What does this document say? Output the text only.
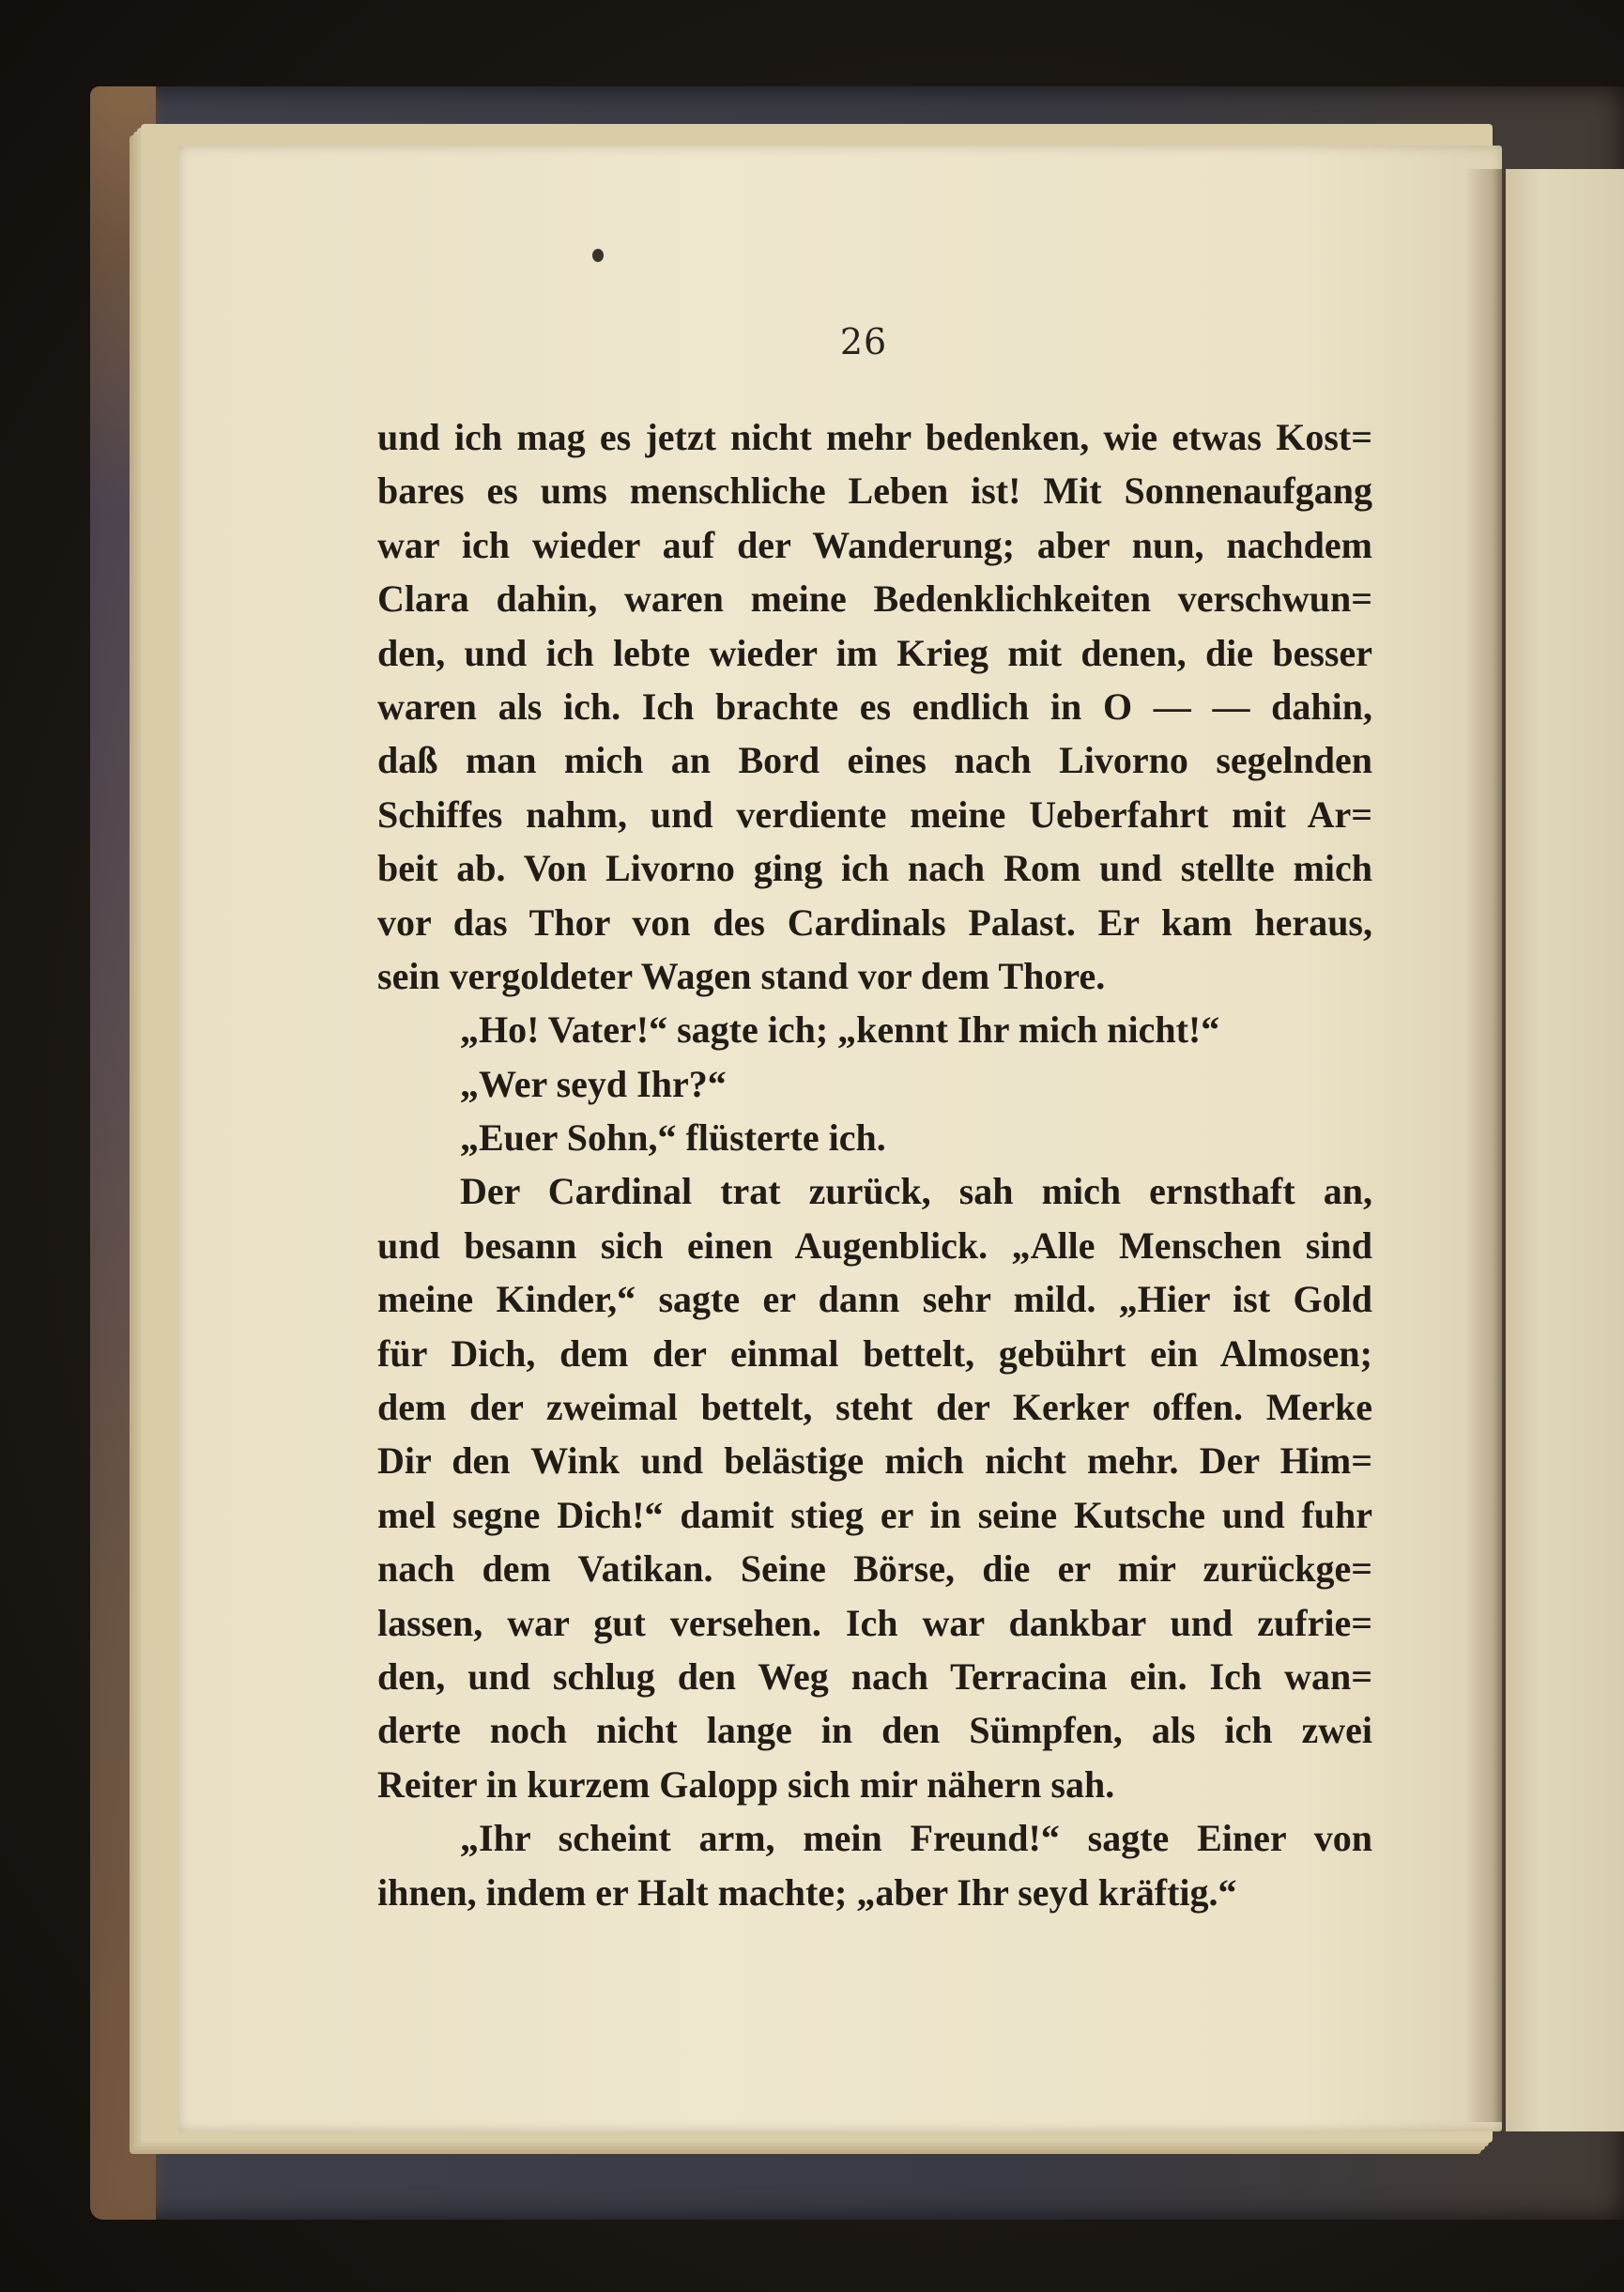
26
und ich mag es jetzt nicht mehr bedenken, wie etwas Kost=
bares es ums menschliche Leben ist! Mit Sonnenaufgang
war ich wieder auf der Wanderung; aber nun, nachdem
Clara dahin, waren meine Bedenklichkeiten verschwun=
den, und ich lebte wieder im Krieg mit denen, die besser
waren als ich. Ich brachte es endlich in O — — dahin,
daß man mich an Bord eines nach Livorno segelnden
Schiffes nahm, und verdiente meine Ueberfahrt mit Ar=
beit ab. Von Livorno ging ich nach Rom und stellte mich
vor das Thor von des Cardinals Palast. Er kam heraus,
sein vergoldeter Wagen stand vor dem Thore.
„Ho! Vater!“ sagte ich; „kennt Ihr mich nicht!“
„Wer seyd Ihr?“
„Euer Sohn,“ flüsterte ich.
Der Cardinal trat zurück, sah mich ernsthaft an,
und besann sich einen Augenblick. „Alle Menschen sind
meine Kinder,“ sagte er dann sehr mild. „Hier ist Gold
für Dich, dem der einmal bettelt, gebührt ein Almosen;
dem der zweimal bettelt, steht der Kerker offen. Merke
Dir den Wink und belästige mich nicht mehr. Der Him=
mel segne Dich!“ damit stieg er in seine Kutsche und fuhr
nach dem Vatikan. Seine Börse, die er mir zurückge=
lassen, war gut versehen. Ich war dankbar und zufrie=
den, und schlug den Weg nach Terracina ein. Ich wan=
derte noch nicht lange in den Sümpfen, als ich zwei
Reiter in kurzem Galopp sich mir nähern sah.
„Ihr scheint arm, mein Freund!“ sagte Einer von
ihnen, indem er Halt machte; „aber Ihr seyd kräftig.“
